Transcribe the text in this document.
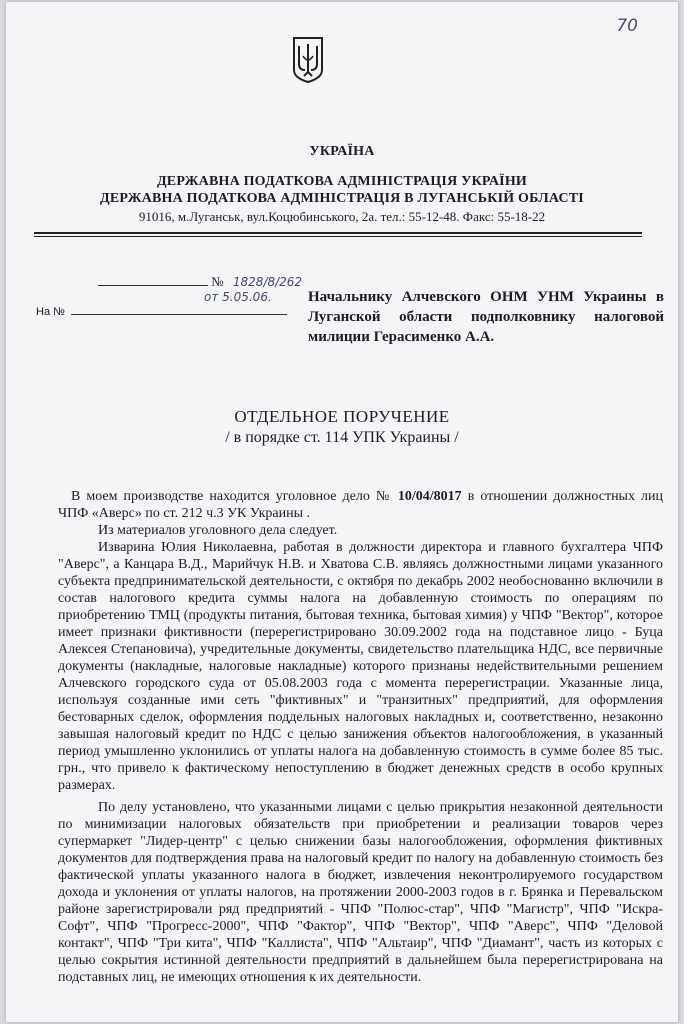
70
УКРАЇНА
ДЕРЖАВНА ПОДАТКОВА АДМІНІСТРАЦІЯ УКРАЇНИ
ДЕРЖАВНА ПОДАТКОВА АДМІНІСТРАЦІЯ В ЛУГАНСЬКІЙ ОБЛАСТІ
91016, м.Луганськ, вул.Коцюбинського, 2а. тел.: 55-12-48. Факс: 55-18-22
№ 1828/8/262
от 5.05.06.
На №
Начальнику Алчевского ОНМ УНМ Украины в Луганской области подполковнику налоговой милиции Герасименко А.А.
ОТДЕЛЬНОЕ ПОРУЧЕНИЕ
/ в порядке ст. 114 УПК Украины /

В моем производстве находится уголовное дело № 10/04/8017 в отношении должностных лиц ЧПФ «Аверс» по ст. 212 ч.3 УК Украины .

Из материалов уголовного дела следует.

Изварина Юлия Николаевна, работая в должности директора и главного бухгалтера ЧПФ "Аверс", а Канцара В.Д., Марийчук Н.В. и Хватова С.В. являясь должностными лицами указанного субъекта предпринимательской деятельности, с октября по декабрь 2002 необоснованно включили в состав налогового кредита суммы налога на добавленную стоимость по операциям по приобретению ТМЦ (продукты питания, бытовая техника, бытовая химия) у ЧПФ "Вектор", которое имеет признаки фиктивности (перерегистрировано 30.09.2002 года на подставное лицо - Буца Алексея Степановича), учредительные документы, свидетельство плательщика НДС, все первичные документы (накладные, налоговые накладные) которого признаны недействительными решением Алчевского городского суда от 05.08.2003 года с момента перерегистрации. Указанные лица, используя созданные ими сеть "фиктивных" и "транзитных" предприятий, для оформления бестоварных сделок, оформления поддельных налоговых накладных и, соответственно, незаконно завышая налоговый кредит по НДС с целью занижения объектов налогообложения, в указанный период умышленно уклонились от уплаты налога на добавленную стоимость в сумме более 85 тыс. грн., что привело к фактическому непоступлению в бюджет денежных средств в особо крупных размерах.

По делу установлено, что указанными лицами с целью прикрытия незаконной деятельности по минимизации налоговых обязательств при приобретении и реализации товаров через супермаркет "Лидер-центр" с целью снижении базы налогообложения, оформления фиктивных документов для подтверждения права на налоговый кредит по налогу на добавленную стоимость без фактической уплаты указанного налога в бюджет, извлечения неконтролируемого государством дохода и уклонения от уплаты налогов, на протяжении 2000-2003 годов в г. Брянка и Перевальском районе зарегистрировали ряд предприятий - ЧПФ "Полюс-стар", ЧПФ "Магистр", ЧПФ "Искра-Софт", ЧПФ "Прогресс-2000", ЧПФ "Фактор", ЧПФ "Вектор", ЧПФ "Аверс", ЧПФ "Деловой контакт", ЧПФ "Три кита", ЧПФ "Каллиста", ЧПФ "Альтаир", ЧПФ "Диамант", часть из которых с целью сокрытия истинной деятельности предприятий в дальнейшем была перерегистрирована на подставных лиц, не имеющих отношения к их деятельности.
